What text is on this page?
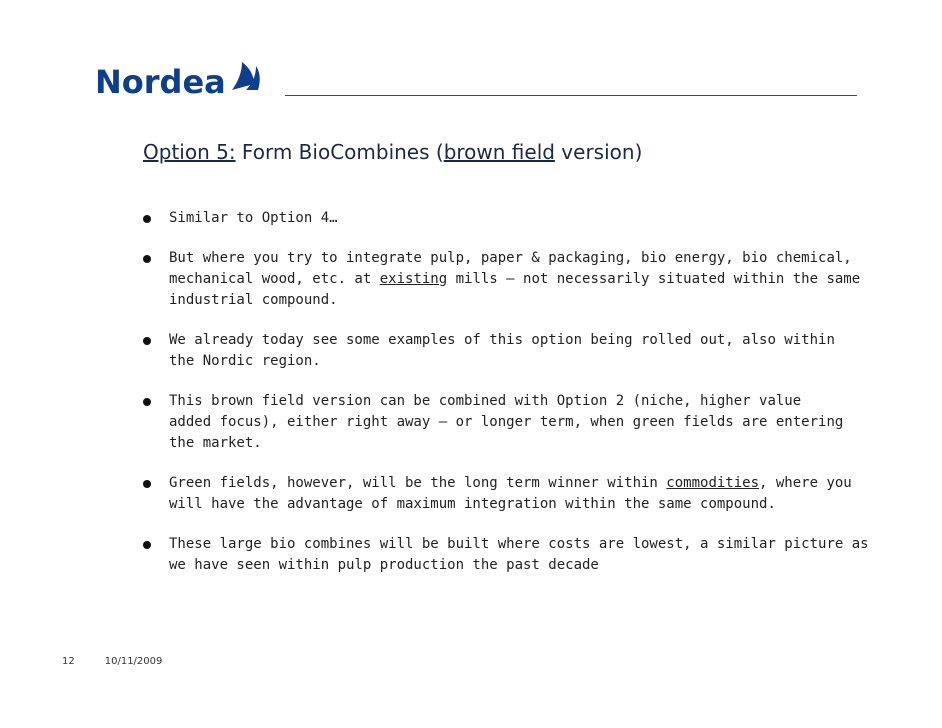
Nordea
Option 5: Form BioCombines (brown field version)
Similar to Option 4…
But where you try to integrate pulp, paper & packaging, bio energy, bio chemical,
mechanical wood, etc. at existing mills – not necessarily situated within the same
industrial compound.
We already today see some examples of this option being rolled out, also within
the Nordic region.
This brown field version can be combined with Option 2 (niche, higher value
added focus), either right away – or longer term, when green fields are entering
the market.
Green fields, however, will be the long term winner within commodities, where you
will have the advantage of maximum integration within the same compound.
These large bio combines will be built where costs are lowest, a similar picture as
we have seen within pulp production the past decade
12	10/11/2009
